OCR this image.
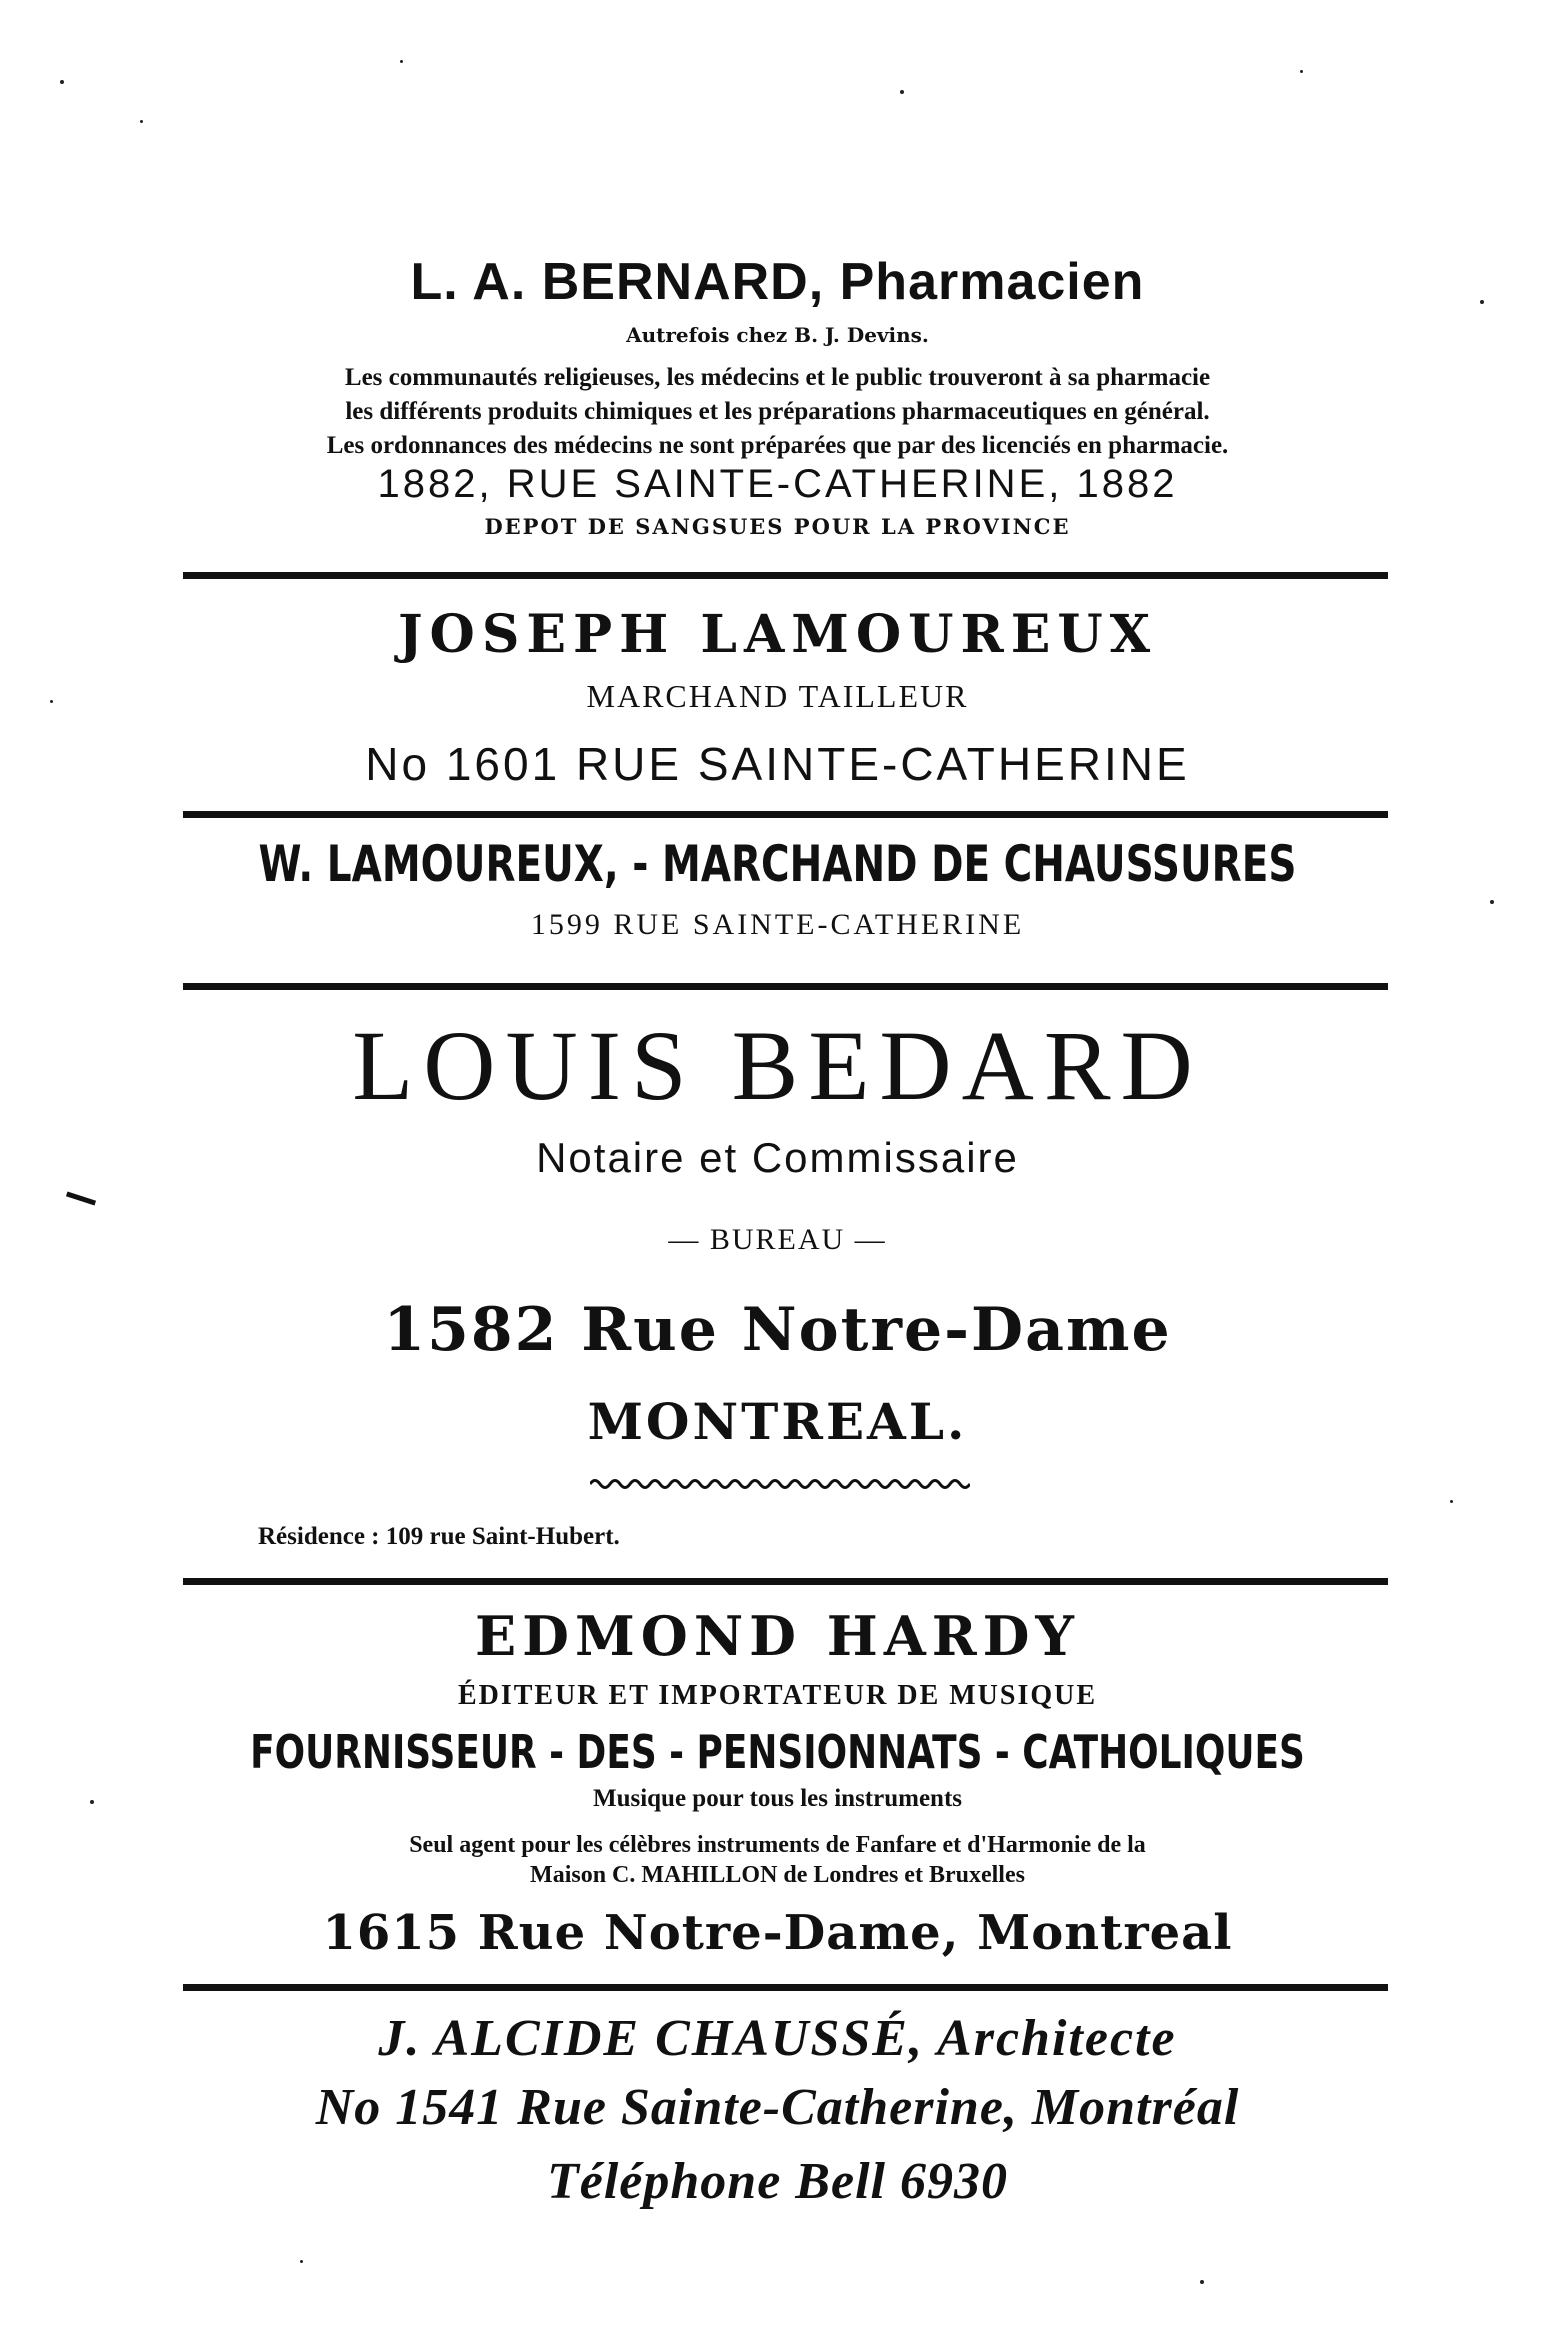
L. A. BERNARD, Pharmacien
Autrefois chez B. J. Devins.
Les communautés religieuses, les médecins et le public trouveront à sa pharmacie
les différents produits chimiques et les préparations pharmaceutiques en général.
Les ordonnances des médecins ne sont préparées que par des licenciés en pharmacie.
1882, RUE SAINTE-CATHERINE, 1882
DEPOT DE SANGSUES POUR LA PROVINCE
JOSEPH LAMOUREUX
MARCHAND TAILLEUR
No 1601 RUE SAINTE-CATHERINE
W. LAMOUREUX, - MARCHAND DE CHAUSSURES
1599 RUE SAINTE-CATHERINE
LOUIS BEDARD
Notaire et Commissaire
— BUREAU —
1582 Rue Notre-Dame
MONTREAL.
Résidence : 109 rue Saint-Hubert.
EDMOND HARDY
ÉDITEUR ET IMPORTATEUR DE MUSIQUE
FOURNISSEUR - DES - PENSIONNATS - CATHOLIQUES
Musique pour tous les instruments
Seul agent pour les célèbres instruments de Fanfare et d'Harmonie de la
Maison C. MAHILLON de Londres et Bruxelles
1615 Rue Notre-Dame, Montreal
J. ALCIDE CHAUSSÉ, Architecte
No 1541 Rue Sainte-Catherine, Montréal
Téléphone Bell 6930
